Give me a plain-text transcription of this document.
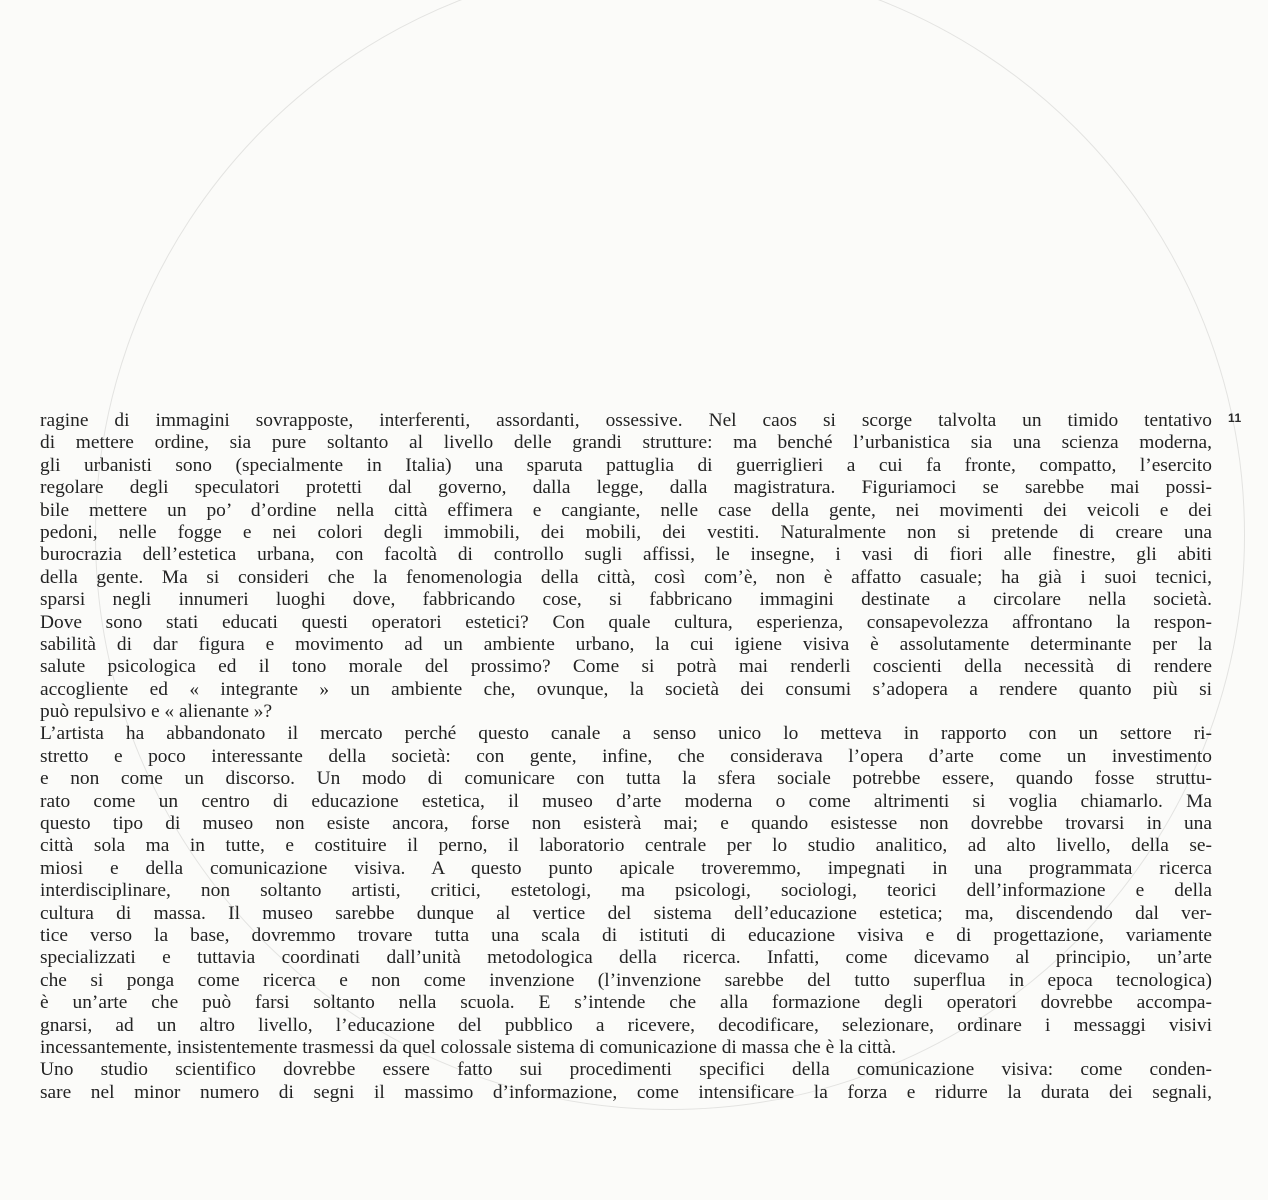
11
ragine di immagini sovrapposte, interferenti, assordanti, ossessive. Nel caos si scorge talvolta un timido tentativo
di mettere ordine, sia pure soltanto al livello delle grandi strutture: ma benché l’urbanistica sia una scienza moderna,
gli urbanisti sono (specialmente in Italia) una sparuta pattuglia di guerriglieri a cui fa fronte, compatto, l’esercito
regolare degli speculatori protetti dal governo, dalla legge, dalla magistratura. Figuriamoci se sarebbe mai possi-
bile mettere un po’ d’ordine nella città effimera e cangiante, nelle case della gente, nei movimenti dei veicoli e dei
pedoni, nelle fogge e nei colori degli immobili, dei mobili, dei vestiti. Naturalmente non si pretende di creare una
burocrazia dell’estetica urbana, con facoltà di controllo sugli affissi, le insegne, i vasi di fiori alle finestre, gli abiti
della gente. Ma si consideri che la fenomenologia della città, così com’è, non è affatto casuale; ha già i suoi tecnici,
sparsi negli innumeri luoghi dove, fabbricando cose, si fabbricano immagini destinate a circolare nella società.
Dove sono stati educati questi operatori estetici? Con quale cultura, esperienza, consapevolezza affrontano la respon-
sabilità di dar figura e movimento ad un ambiente urbano, la cui igiene visiva è assolutamente determinante per la
salute psicologica ed il tono morale del prossimo? Come si potrà mai renderli coscienti della necessità di rendere
accogliente ed « integrante » un ambiente che, ovunque, la società dei consumi s’adopera a rendere quanto più si
può repulsivo e « alienante »?
L’artista ha abbandonato il mercato perché questo canale a senso unico lo metteva in rapporto con un settore ri-
stretto e poco interessante della società: con gente, infine, che considerava l’opera d’arte come un investimento
e non come un discorso. Un modo di comunicare con tutta la sfera sociale potrebbe essere, quando fosse struttu-
rato come un centro di educazione estetica, il museo d’arte moderna o come altrimenti si voglia chiamarlo. Ma
questo tipo di museo non esiste ancora, forse non esisterà mai; e quando esistesse non dovrebbe trovarsi in una
città sola ma in tutte, e costituire il perno, il laboratorio centrale per lo studio analitico, ad alto livello, della se-
miosi e della comunicazione visiva. A questo punto apicale troveremmo, impegnati in una programmata ricerca
interdisciplinare, non soltanto artisti, critici, estetologi, ma psicologi, sociologi, teorici dell’informazione e della
cultura di massa. Il museo sarebbe dunque al vertice del sistema dell’educazione estetica; ma, discendendo dal ver-
tice verso la base, dovremmo trovare tutta una scala di istituti di educazione visiva e di progettazione, variamente
specializzati e tuttavia coordinati dall’unità metodologica della ricerca. Infatti, come dicevamo al principio, un’arte
che si ponga come ricerca e non come invenzione (l’invenzione sarebbe del tutto superflua in epoca tecnologica)
è un’arte che può farsi soltanto nella scuola. E s’intende che alla formazione degli operatori dovrebbe accompa-
gnarsi, ad un altro livello, l’educazione del pubblico a ricevere, decodificare, selezionare, ordinare i messaggi visivi
incessantemente, insistentemente trasmessi da quel colossale sistema di comunicazione di massa che è la città.
Uno studio scientifico dovrebbe essere fatto sui procedimenti specifici della comunicazione visiva: come conden-
sare nel minor numero di segni il massimo d’informazione, come intensificare la forza e ridurre la durata dei segnali,
